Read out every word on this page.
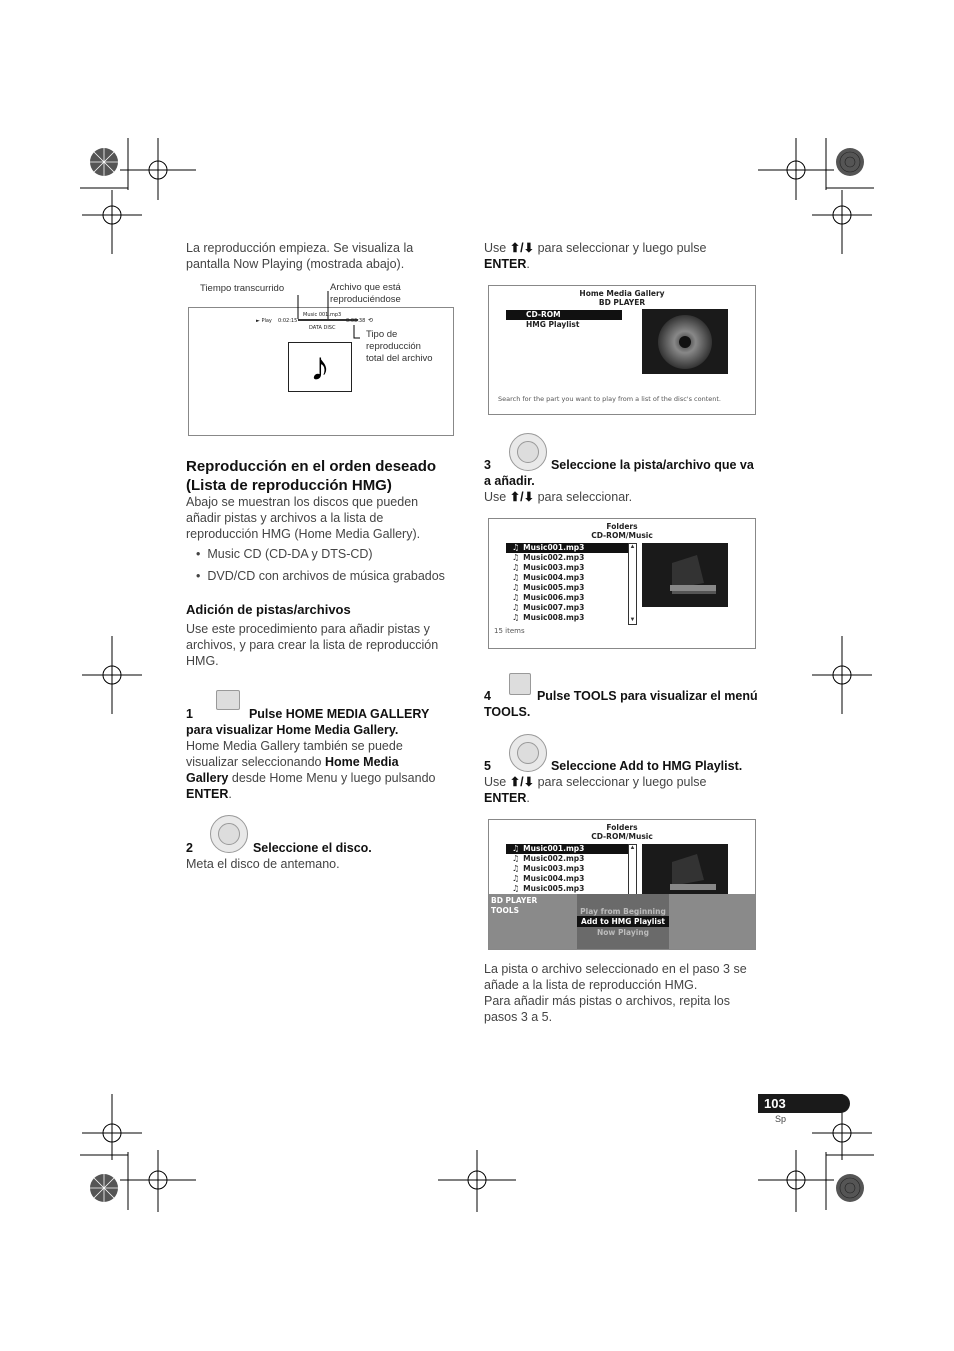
La reproducción empieza. Se visualiza la
pantalla Now Playing (mostrada abajo).
Tiempo transcurrido	Archivo que está
reproduciéndose
► Play 0:02:15
Music 001.mp3
0:03:38 ⟲
DATA DISC
♪
Tipo de
reproducción
total del archivo
Reproducción en el orden deseado
(Lista de reproducción HMG)
Abajo se muestran los discos que pueden
añadir pistas y archivos a la lista de
reproducción HMG (Home Media Gallery).
•  Music CD (CD-DA y DTS-CD)
•  DVD/CD con archivos de música grabados
Adición de pistas/archivos
Use este procedimiento para añadir pistas y
archivos, y para crear la lista de reproducción
HMG.
1	Pulse HOME MEDIA GALLERY
para visualizar Home Media Gallery.
Home Media Gallery también se puede
visualizar seleccionando Home Media
Gallery desde Home Menu y luego pulsando
ENTER.
2	Seleccione el disco.
Meta el disco de antemano.
Use ⬆/⬇ para seleccionar y luego pulse
ENTER.
Home Media Gallery
BD PLAYER
CD-ROM
HMG Playlist
Search for the part you want to play from a list of the disc's content.
3	Seleccione la pista/archivo que va
a añadir.
Use ⬆/⬇ para seleccionar.
Folders
CD-ROM/Music
♫ Music001.mp3
♫ Music002.mp3
♫ Music003.mp3
♫ Music004.mp3
♫ Music005.mp3
♫ Music006.mp3
♫ Music007.mp3
♫ Music008.mp3
▲
▼
15 items
4	Pulse TOOLS para visualizar el menú
TOOLS.
5	Seleccione Add to HMG Playlist.
Use ⬆/⬇ para seleccionar y luego pulse
ENTER.
Folders
CD-ROM/Music
♫ Music001.mp3
♫ Music002.mp3
♫ Music003.mp3
♫ Music004.mp3
♫ Music005.mp3
▲
BD PLAYER
TOOLS	Play from Beginning
Add to HMG Playlist
Now Playing
La pista o archivo seleccionado en el paso 3 se
añade a la lista de reproducción HMG.
Para añadir más pistas o archivos, repita los
pasos 3 a 5.
103
Sp
